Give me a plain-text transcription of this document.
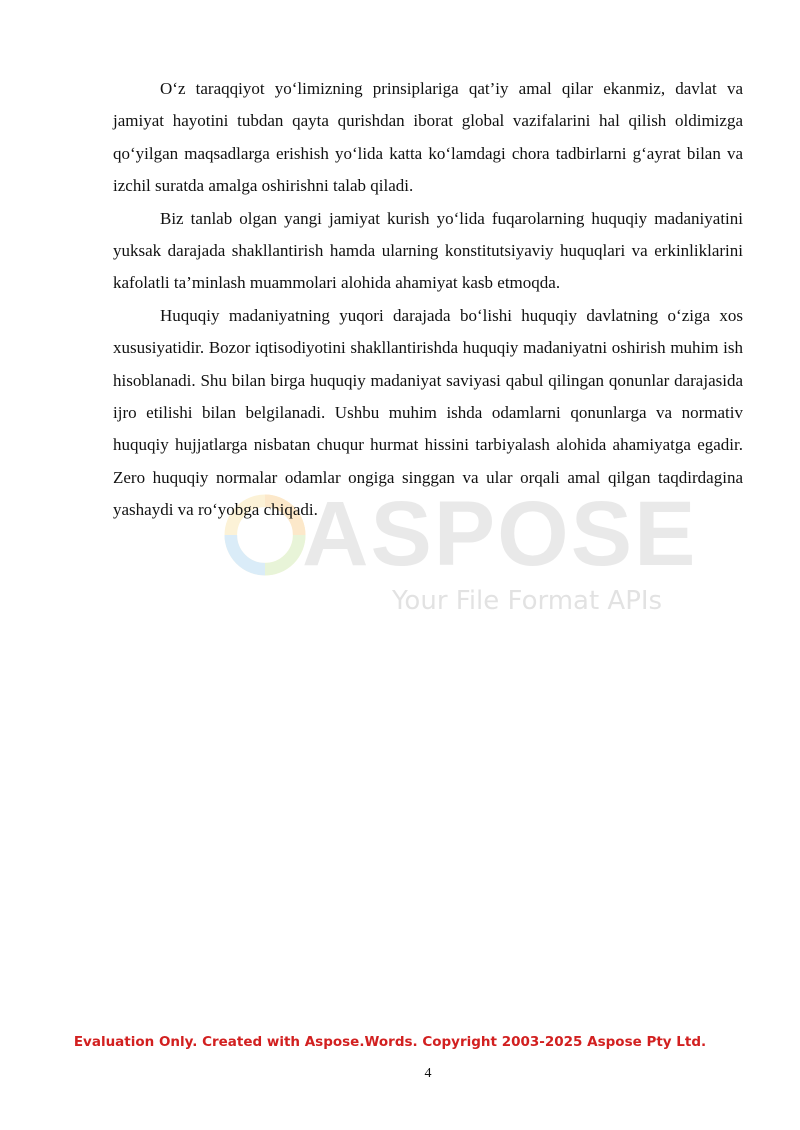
ASPOSE
Your File Format APIs

O‘z taraqqiyot yo‘limizning prinsiplariga qat’iy amal qilar ekanmiz, davlat va jamiyat hayotini tubdan qayta qurishdan iborat global vazifalarini hal qilish oldimizga qo‘yilgan maqsadlarga erishish yo‘lida katta ko‘lamdagi chora tadbirlarni g‘ayrat bilan va izchil suratda amalga oshirishni talab qiladi.

Biz tanlab olgan yangi jamiyat kurish yo‘lida fuqarolarning huquqiy madaniyatini yuksak darajada shakllantirish hamda ularning konstitutsiyaviy huquqlari va erkinliklarini kafolatli ta’minlash muammolari alohida ahamiyat kasb etmoqda.

Huquqiy madaniyatning yuqori darajada bo‘lishi huquqiy davlatning o‘ziga xos xususiyatidir. Bozor iqtisodiyotini shakllantirishda huquqiy madaniyatni oshirish muhim ish hisoblanadi. Shu bilan birga huquqiy madaniyat saviyasi qabul qilingan qonunlar darajasida ijro etilishi bilan belgilanadi. Ushbu muhim ishda odamlarni qonunlarga va normativ huquqiy hujjatlarga nisbatan chuqur hurmat hissini tarbiyalash alohida ahamiyatga egadir. Zero huquqiy normalar odamlar ongiga singgan va ular orqali amal qilgan taqdirdagina yashaydi va ro‘yobga chiqadi.

Evaluation Only. Created with Aspose.Words. Copyright 2003-2025 Aspose Pty Ltd.
4
